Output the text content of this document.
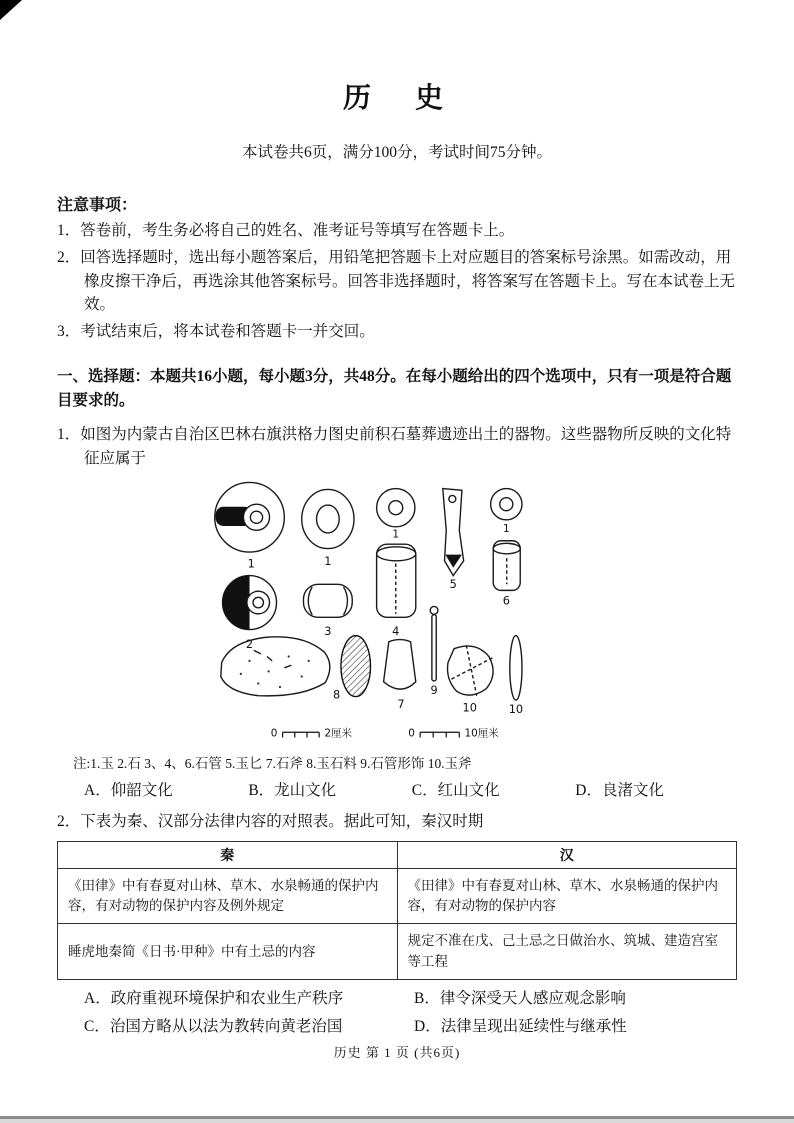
历　史
本试卷共6页，满分100分，考试时间75分钟。
注意事项：

1．答卷前，考生务必将自己的姓名、准考证号等填写在答题卡上。

2．回答选择题时，选出每小题答案后，用铅笔把答题卡上对应题目的答案标号涂黑。如需改动，用橡皮擦干净后，再选涂其他答案标号。回答非选择题时，将答案写在答题卡上。写在本试卷上无效。

3．考试结束后，将本试卷和答题卡一并交回。

一、选择题：本题共16小题，每小题3分，共48分。在每小题给出的四个选项中，只有一项是符合题目要求的。

1．如图为内蒙古自治区巴林右旗洪格力图史前积石墓葬遗迹出土的器物。这些器物所反映的文化特征应属于

1
2
1
3
1
4
5
1
6
9
8
7	10 10
0	2厘米	0	10厘米
注:1.玉 2.石 3、4、6.石管 5.玉匕 7.石斧 8.玉石料 9.石管形饰 10.玉斧
A．仰韶文化	B．龙山文化	C．红山文化	D．良渚文化

2．下表为秦、汉部分法律内容的对照表。据此可知，秦汉时期

秦	汉
《田律》中有春夏对山林、草木、水泉畅通的保护内容，有对动物的保护内容及例外规定	《田律》中有春夏对山林、草木、水泉畅通的保护内容，有对动物的保护内容
睡虎地秦简《日书·甲种》中有土忌的内容	规定不准在戊、己土忌之日做治水、筑城、建造宫室等工程
A．政府重视环境保护和农业生产秩序	B．律令深受天人感应观念影响
C．治国方略从以法为教转向黄老治国	D．法律呈现出延续性与继承性
历史 第 1 页 (共6页)
